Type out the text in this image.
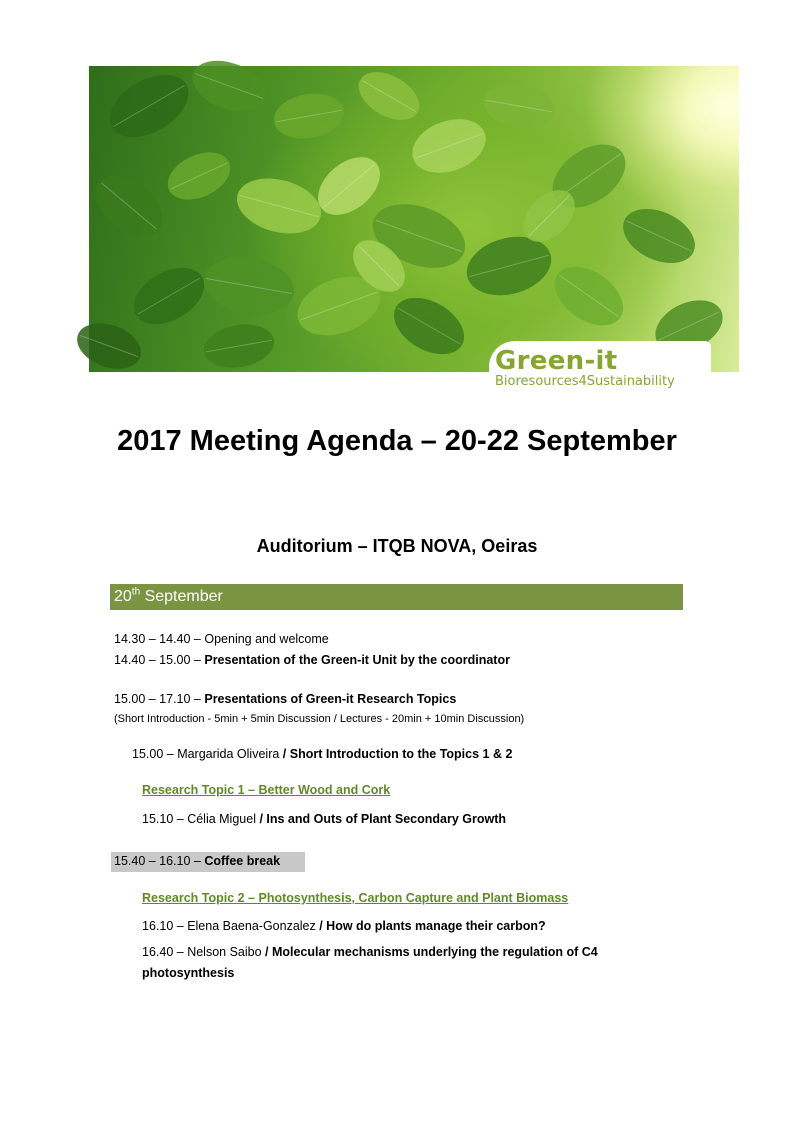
Green-it
Bioresources4Sustainability
2017 Meeting Agenda – 20-22 September
Auditorium – ITQB NOVA, Oeiras
20th September
14.30 – 14.40 – Opening and welcome
14.40 – 15.00 – Presentation of the Green-it Unit by the coordinator
15.00 – 17.10 – Presentations of Green-it Research Topics
(Short Introduction - 5min + 5min Discussion / Lectures - 20min + 10min Discussion)
15.00 – Margarida Oliveira / Short Introduction to the Topics 1 & 2
Research Topic 1 – Better Wood and Cork
15.10 – Célia Miguel / Ins and Outs of Plant Secondary Growth
15.40 – 16.10 – Coffee break
Research Topic 2 – Photosynthesis, Carbon Capture and Plant Biomass
16.10 – Elena Baena-Gonzalez / How do plants manage their carbon?
16.40 – Nelson Saibo / Molecular mechanisms underlying the regulation of C4
photosynthesis
